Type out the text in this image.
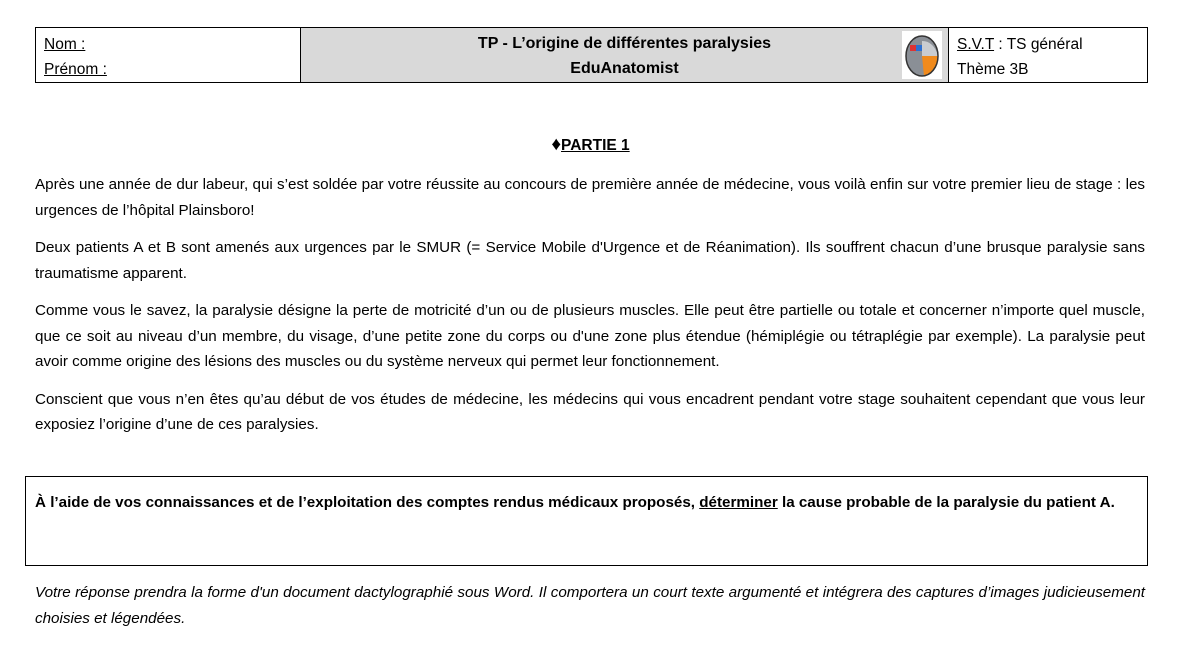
Nom :
Prénom :
TP - L’origine de différentes paralysies
EduAnatomist
S.V.T : TS général
Thème 3B
♦PARTIE 1

Après une année de dur labeur, qui s’est soldée par votre réussite au concours de première année de médecine, vous voilà enfin sur votre premier lieu de stage : les urgences de l’hôpital Plainsboro!

Deux patients A et B sont amenés aux urgences par le SMUR (= Service Mobile d'Urgence et de Réanimation). Ils souffrent chacun d’une brusque paralysie sans traumatisme apparent.

Comme vous le savez, la paralysie désigne la perte de motricité d’un ou de plusieurs muscles. Elle peut être partielle ou totale et concerner n’importe quel muscle, que ce soit au niveau d’un membre, du visage, d’une petite zone du corps ou d'une zone plus étendue (hémiplégie ou tétraplégie par exemple). La paralysie peut avoir comme origine des lésions des muscles ou du système nerveux qui permet leur fonctionnement.

Conscient que vous n’en êtes qu’au début de vos études de médecine, les médecins qui vous encadrent pendant votre stage souhaitent cependant que vous leur exposiez l’origine d’une de ces paralysies.

À l’aide de vos connaissances et de l’exploitation des comptes rendus médicaux proposés, déterminer la cause probable de la paralysie du patient A.
Votre réponse prendra la forme d'un document dactylographié sous Word. Il comportera un court texte argumenté et intégrera des captures d’images judicieusement choisies et légendées.
